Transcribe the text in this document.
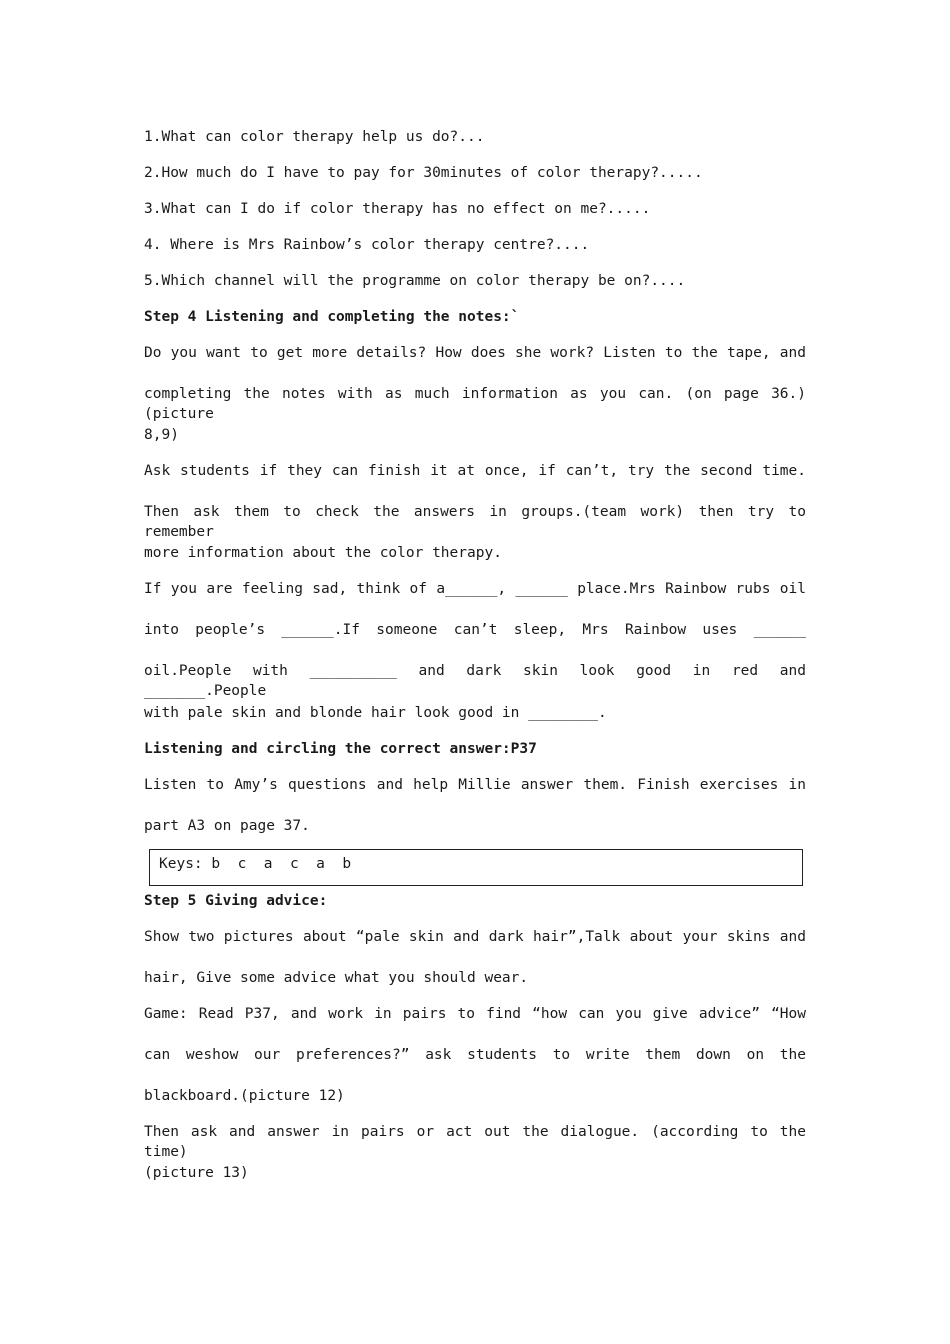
1.What can color therapy help us do?...
2.How much do I have to pay for 30minutes of color therapy?.....
3.What can I do if color therapy has no effect on me?.....
4. Where is Mrs Rainbow’s color therapy centre?....
5.Which channel will the programme on color therapy be on?....
Step 4 Listening and completing the notes:`
Do you want to get more details? How does she work? Listen to the tape, and
completing the notes with as much information as you can. (on page 36.)(picture
8,9)
Ask students if they can finish it at once, if can’t, try the second time.
Then ask them to check the answers in groups.(team work) then try to remember
more information about the color therapy.
If you are feeling sad, think of a______, ______ place.Mrs Rainbow rubs oil
into people’s ______.If someone can’t sleep, Mrs Rainbow uses ______
oil.People with __________ and dark skin look good in red and _______.People
with pale skin and blonde hair look good in ________.
Listening and circling the correct answer:P37
Listen to Amy’s questions and help Millie answer them. Finish exercises in
part A3 on page 37.
Keys: b  c  a  c  a  b
Step 5 Giving advice:
Show two pictures about “pale skin and dark hair”,Talk about your skins and
hair, Give some advice what you should wear.
Game: Read P37, and work in pairs to find “how can you give advice” “How
can weshow our preferences?” ask students to write them down on the
blackboard.(picture 12)
Then ask and answer in pairs or act out the dialogue. (according to the time)
(picture 13)
